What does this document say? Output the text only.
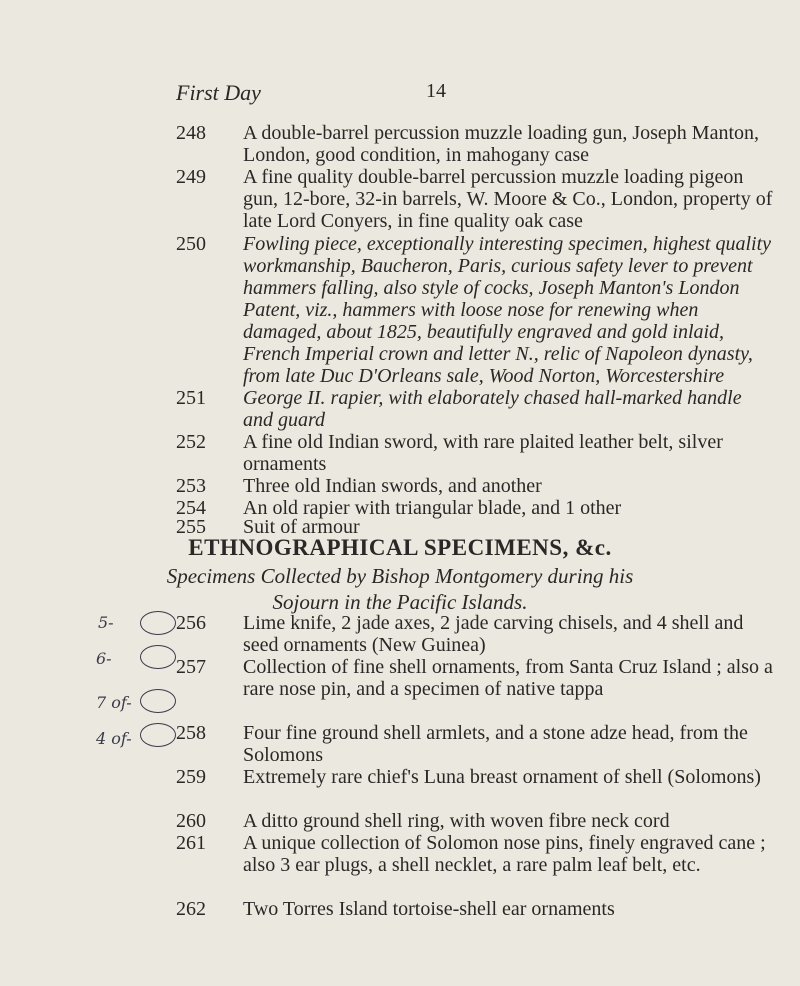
First Day	14
248	A double-barrel percussion muzzle loading gun, Joseph Manton, London, good condition, in mahogany case
249	A fine quality double-barrel percussion muzzle loading pigeon gun, 12-bore, 32-in barrels, W. Moore & Co., London, property of late Lord Conyers, in fine quality oak case
250	Fowling piece, exceptionally interesting specimen, highest quality workmanship, Baucheron, Paris, curious safety lever to prevent hammers falling, also style of cocks, Joseph Manton's London Patent, viz., hammers with loose nose for renewing when damaged, about 1825, beautifully engraved and gold inlaid, French Imperial crown and letter N., relic of Napoleon dynasty, from late Duc D'Orleans sale, Wood Norton, Worcestershire
251	George II. rapier, with elaborately chased hall-marked handle and guard
252	A fine old Indian sword, with rare plaited leather belt, silver ornaments
253	Three old Indian swords, and another
254	An old rapier with triangular blade, and 1 other
255	Suit of armour
ETHNOGRAPHICAL SPECIMENS, &c.
Specimens Collected by Bishop Montgomery during his
Sojourn in the Pacific Islands.
5-
6-
7 of-
4 of-
256	Lime knife, 2 jade axes, 2 jade carving chisels, and 4 shell and seed ornaments (New Guinea)
257	Collection of fine shell ornaments, from Santa Cruz Island ; also a rare nose pin, and a specimen of native tappa
258	Four fine ground shell armlets, and a stone adze head, from the Solomons
259	Extremely rare chief's Luna breast ornament of shell (Solomons)
260	A ditto ground shell ring, with woven fibre neck cord
261	A unique collection of Solomon nose pins, finely engraved cane ; also 3 ear plugs, a shell necklet, a rare palm leaf belt, etc.
262	Two Torres Island tortoise-shell ear ornaments
